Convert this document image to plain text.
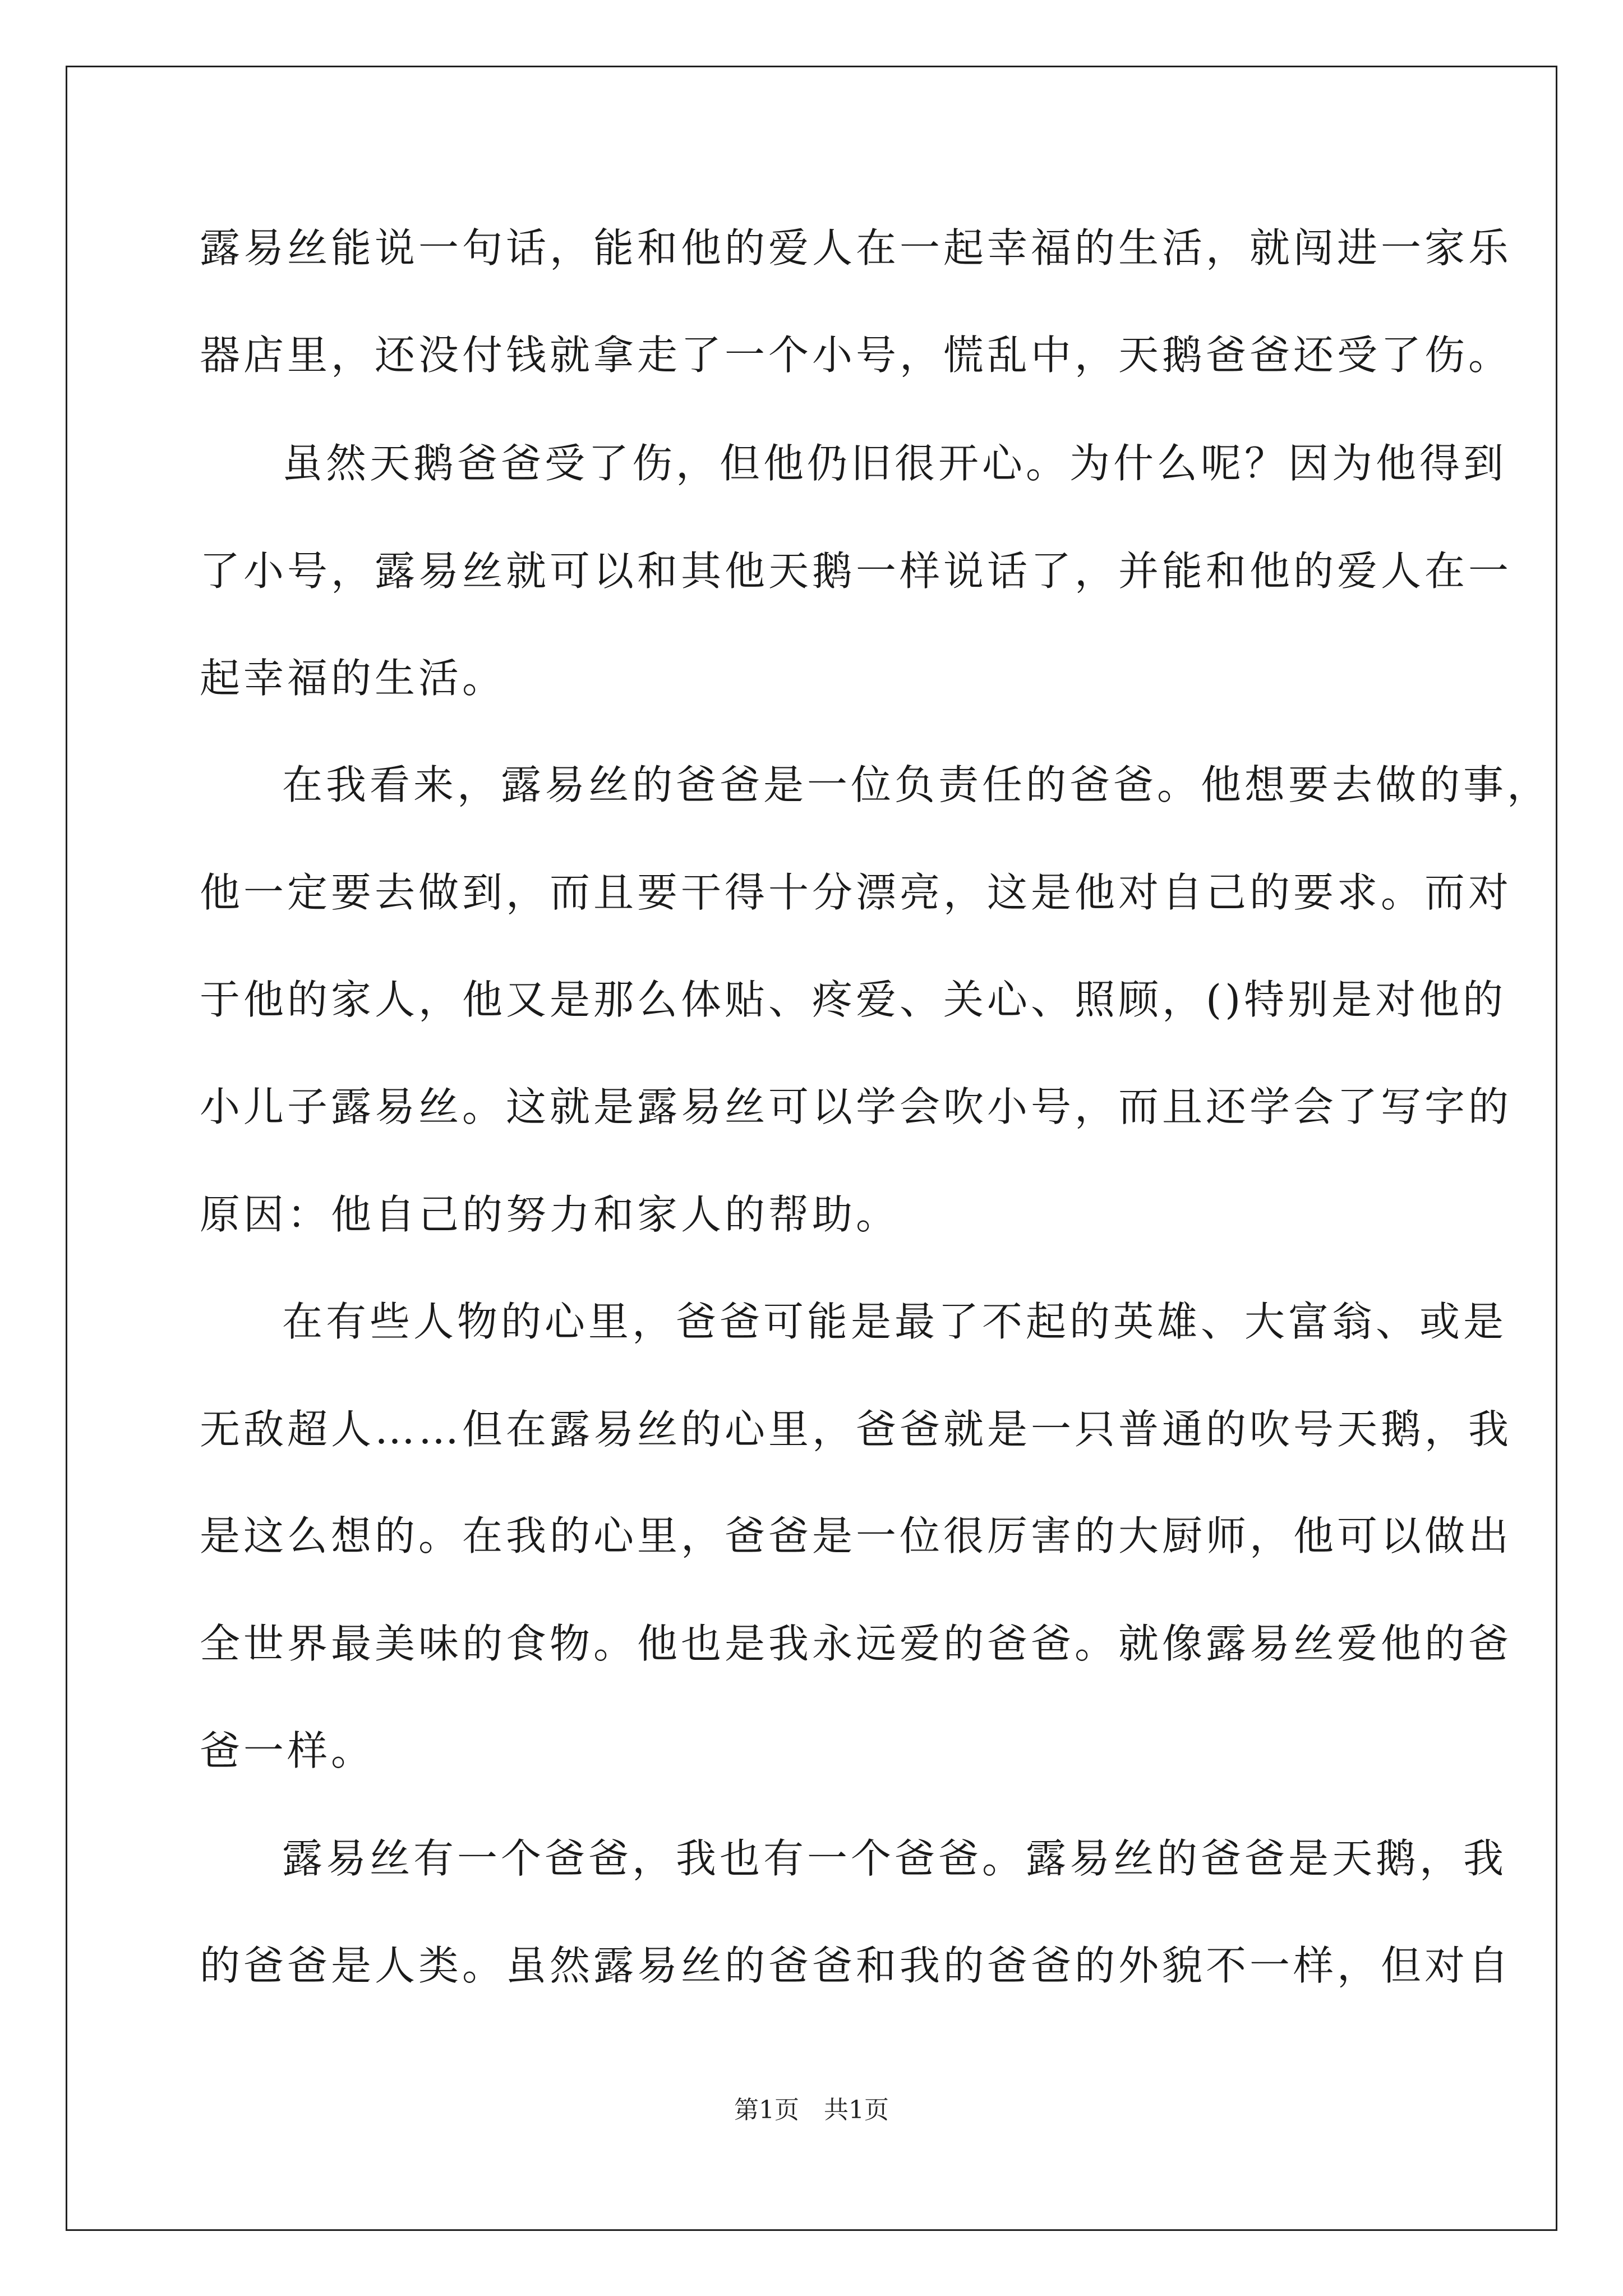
露易丝能说一句话，能和他的爱人在一起幸福的生活，就闯进一家乐
器店里，还没付钱就拿走了一个小号，慌乱中，天鹅爸爸还受了伤。
虽然天鹅爸爸受了伤，但他仍旧很开心。为什么呢？因为他得到
了小号，露易丝就可以和其他天鹅一样说话了，并能和他的爱人在一
起幸福的生活。
在我看来，露易丝的爸爸是一位负责任的爸爸。他想要去做的事，
他一定要去做到，而且要干得十分漂亮，这是他对自己的要求。而对
于他的家人，他又是那么体贴、疼爱、关心、照顾，()特别是对他的
小儿子露易丝。这就是露易丝可以学会吹小号，而且还学会了写字的
原因：他自己的努力和家人的帮助。
在有些人物的心里，爸爸可能是最了不起的英雄、大富翁、或是
无敌超人……但在露易丝的心里，爸爸就是一只普通的吹号天鹅，我
是这么想的。在我的心里，爸爸是一位很厉害的大厨师，他可以做出
全世界最美味的食物。他也是我永远爱的爸爸。就像露易丝爱他的爸
爸一样。
露易丝有一个爸爸，我也有一个爸爸。露易丝的爸爸是天鹅，我
的爸爸是人类。虽然露易丝的爸爸和我的爸爸的外貌不一样，但对自
第1页　共1页
